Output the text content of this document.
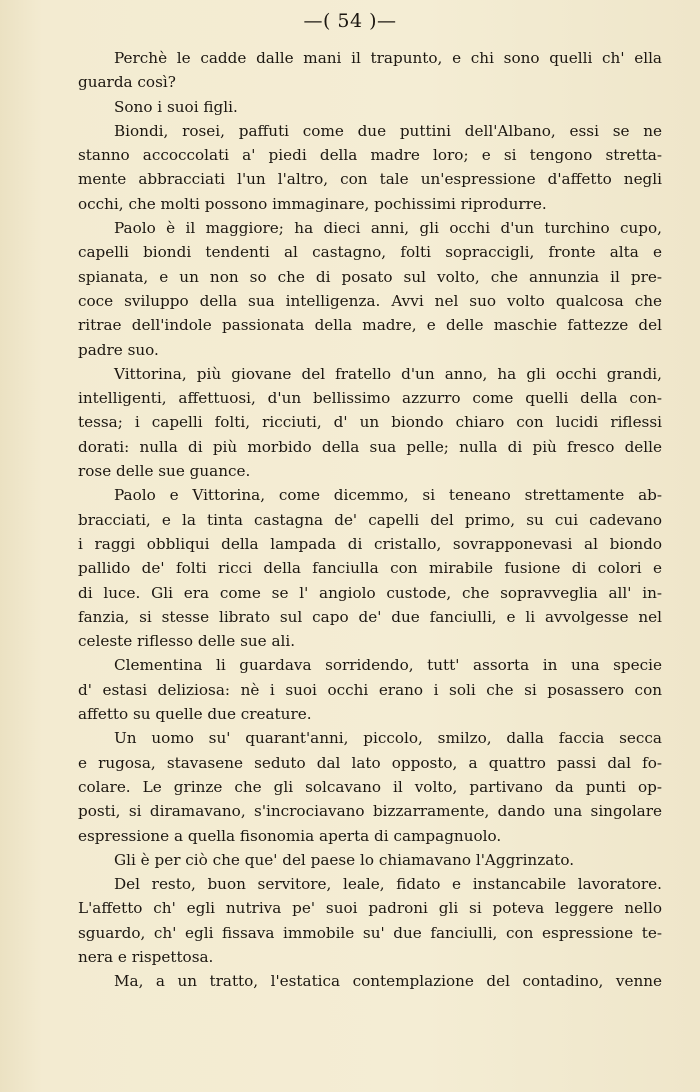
—( 54 )—
Perchè le cadde dalle mani il trapunto, e chi sono quelli ch' ella
guarda così?
Sono i suoi figli.
Biondi, rosei, paffuti come due puttini dell'Albano, essi se ne
stanno accoccolati a' piedi della madre loro; e si tengono stretta-
mente abbracciati l'un l'altro, con tale un'espressione d'affetto negli
occhi, che molti possono immaginare, pochissimi riprodurre.
Paolo è il maggiore; ha dieci anni, gli occhi d'un turchino cupo,
capelli biondi tendenti al castagno, folti sopraccigli, fronte alta e
spianata, e un non so che di posato sul volto, che annunzia il pre-
coce sviluppo della sua intelligenza. Avvi nel suo volto qualcosa che
ritrae dell'indole passionata della madre, e delle maschie fattezze del
padre suo.
Vittorina, più giovane del fratello d'un anno, ha gli occhi grandi,
intelligenti, affettuosi, d'un bellissimo azzurro come quelli della con-
tessa; i capelli folti, ricciuti, d' un biondo chiaro con lucidi riflessi
dorati: nulla di più morbido della sua pelle; nulla di più fresco delle
rose delle sue guance.
Paolo e Vittorina, come dicemmo, si teneano strettamente ab-
bracciati, e la tinta castagna de' capelli del primo, su cui cadevano
i raggi obbliqui della lampada di cristallo, sovrapponevasi al biondo
pallido de' folti ricci della fanciulla con mirabile fusione di colori e
di luce. Gli era come se l' angiolo custode, che sopravveglia all' in-
fanzia, si stesse librato sul capo de' due fanciulli, e li avvolgesse nel
celeste riflesso delle sue ali.
Clementina li guardava sorridendo, tutt' assorta in una specie
d' estasi deliziosa: nè i suoi occhi erano i soli che si posassero con
affetto su quelle due creature.
Un uomo su' quarant'anni, piccolo, smilzo, dalla faccia secca
e rugosa, stavasene seduto dal lato opposto, a quattro passi dal fo-
colare. Le grinze che gli solcavano il volto, partivano da punti op-
posti, si diramavano, s'incrociavano bizzarramente, dando una singolare
espressione a quella fisonomia aperta di campagnuolo.
Gli è per ciò che que' del paese lo chiamavano l'Aggrinzato.
Del resto, buon servitore, leale, fidato e instancabile lavoratore.
L'affetto ch' egli nutriva pe' suoi padroni gli si poteva leggere nello
sguardo, ch' egli fissava immobile su' due fanciulli, con espressione te-
nera e rispettosa.
Ma, a un tratto, l'estatica contemplazione del contadino, venne
